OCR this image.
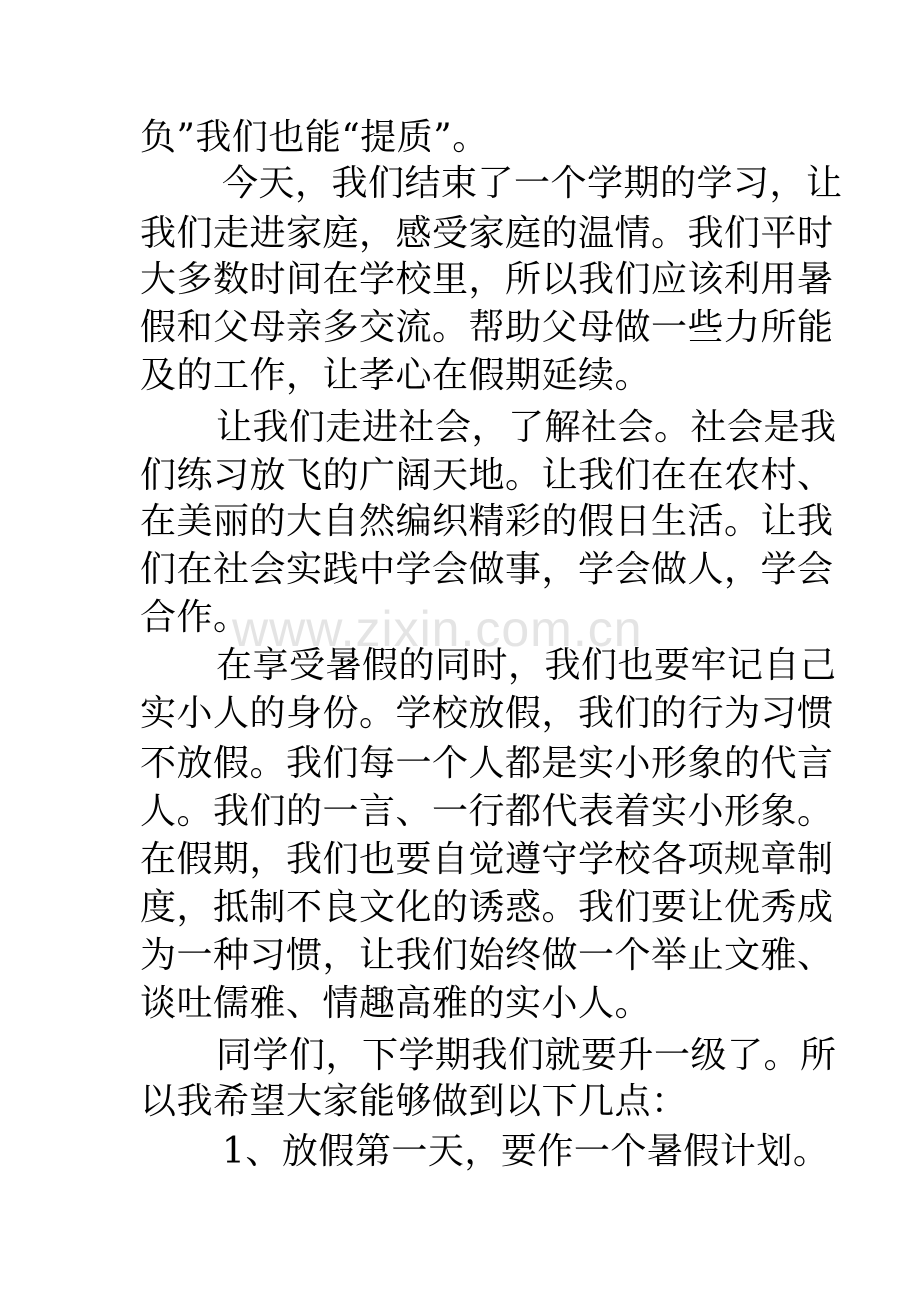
负”我们也能“提质”。
今天，我们结束了一个学期的学习，让
我们走进家庭，感受家庭的温情。我们平时
大多数时间在学校里，所以我们应该利用暑
假和父母亲多交流。帮助父母做一些力所能
及的工作，让孝心在假期延续。
让我们走进社会，了解社会。社会是我
们练习放飞的广阔天地。让我们在在农村、
在美丽的大自然编织精彩的假日生活。让我
们在社会实践中学会做事，学会做人，学会
合作。
在享受暑假的同时，我们也要牢记自己
实小人的身份。学校放假，我们的行为习惯
不放假。我们每一个人都是实小形象的代言
人。我们的一言、一行都代表着实小形象。
在假期，我们也要自觉遵守学校各项规章制
度，抵制不良文化的诱惑。我们要让优秀成
为一种习惯，让我们始终做一个举止文雅、
谈吐儒雅、情趣高雅的实小人。
同学们，下学期我们就要升一级了。所
以我希望大家能够做到以下几点：
1、放假第一天，要作一个暑假计划。
www.zixin.com.cn
